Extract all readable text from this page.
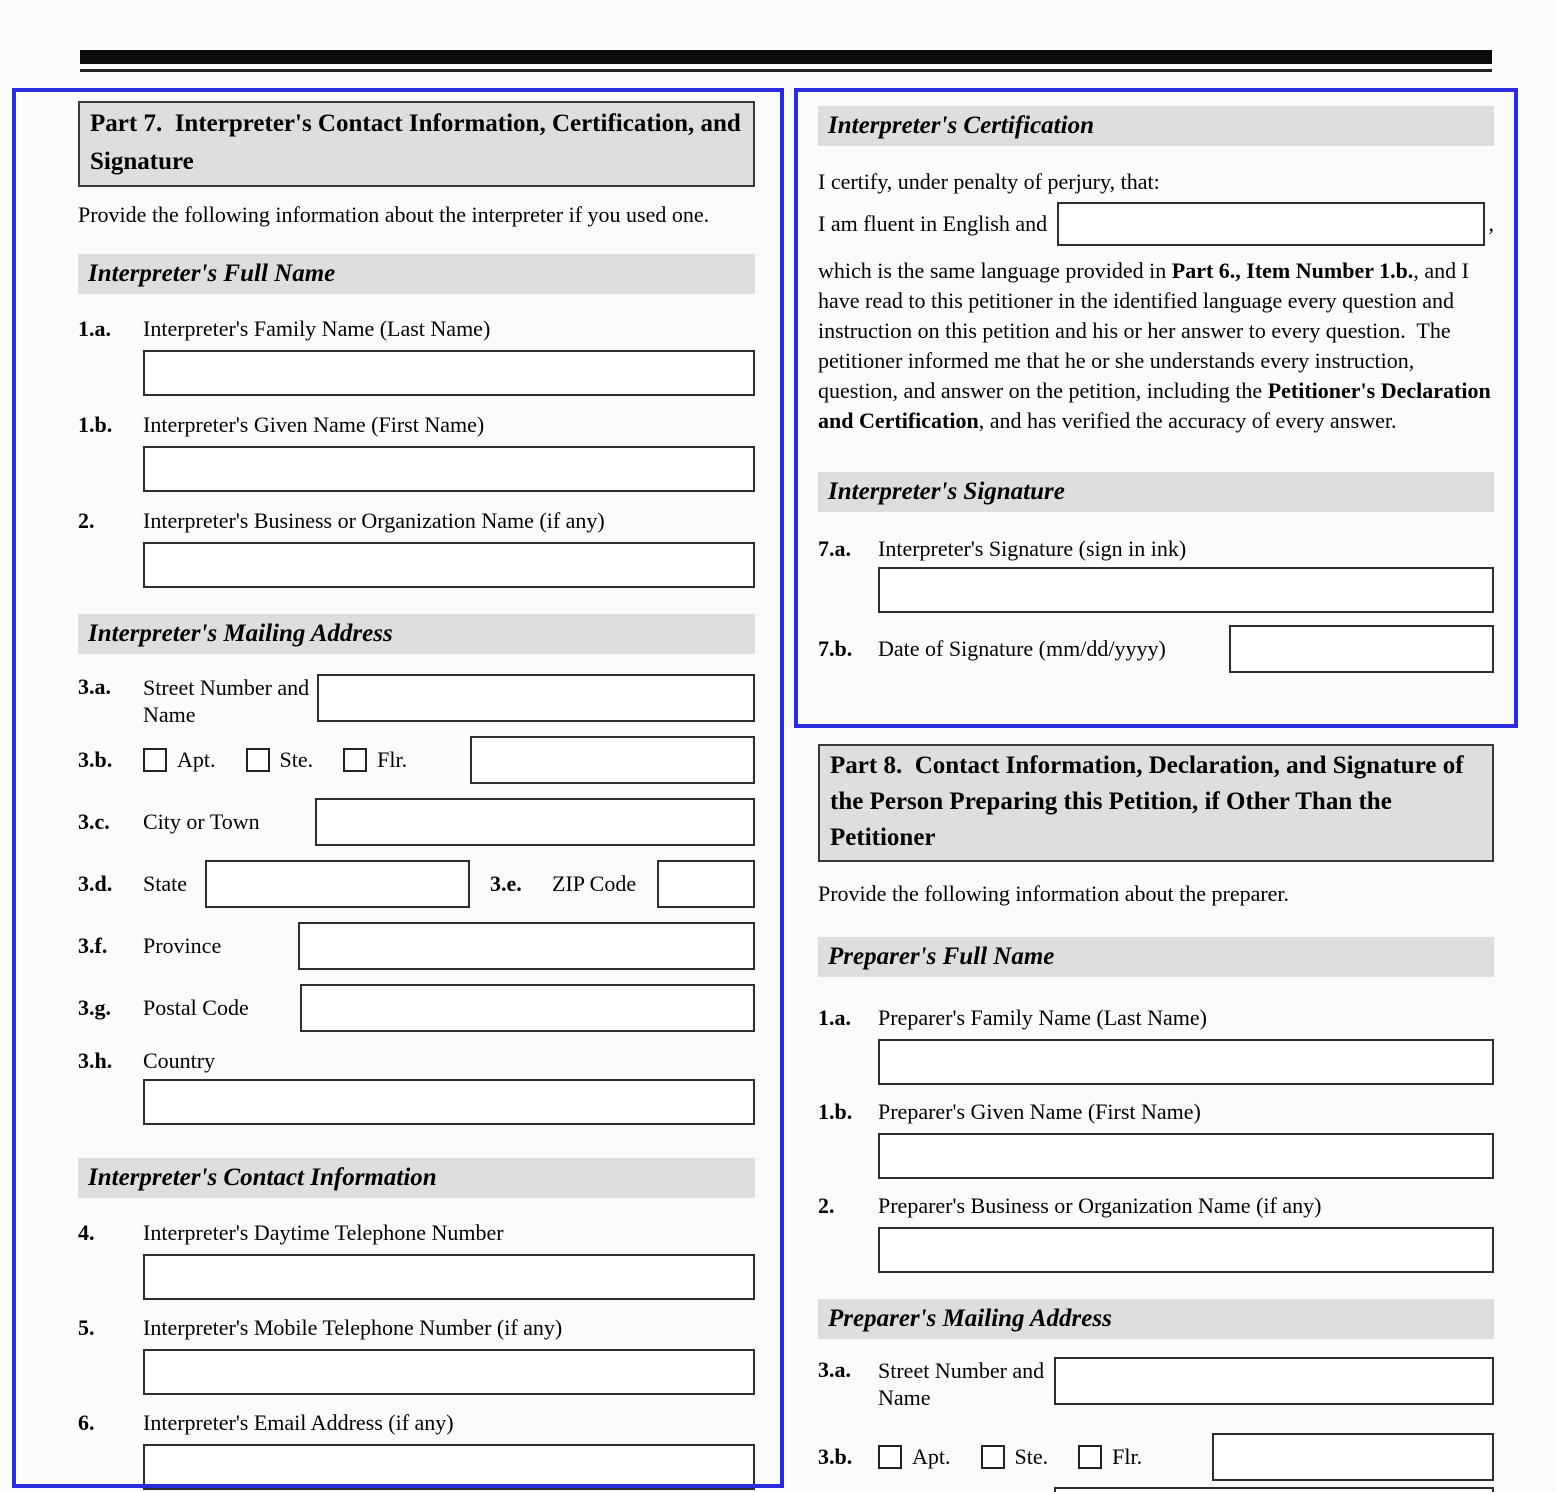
Part 7.  Interpreter's Contact Information, Certification, and Signature
Provide the following information about the interpreter if you used one.
Interpreter's Full Name
1.a.	Interpreter's Family Name (Last Name)
1.b.	Interpreter's Given Name (First Name)
2.	Interpreter's Business or Organization Name (if any)
Interpreter's Mailing Address
3.a.	Street Number and Name
3.b.	Apt.	Ste.	Flr.
3.c.	City or Town
3.d.	State	3.e.	ZIP Code
3.f.	Province
3.g.	Postal Code
3.h.	Country
Interpreter's Contact Information
4.	Interpreter's Daytime Telephone Number
5.	Interpreter's Mobile Telephone Number (if any)
6.	Interpreter's Email Address (if any)
Interpreter's Certification
I certify, under penalty of perjury, that:
I am fluent in English and	,
which is the same language provided in Part 6., Item Number 1.b., and I have read to this petitioner in the identified language every question and instruction on this petition and his or her answer to every question.  The petitioner informed me that he or she understands every instruction, question, and answer on the petition, including the Petitioner's Declaration and Certification, and has verified the accuracy of every answer.
Interpreter's Signature
7.a.	Interpreter's Signature (sign in ink)
7.b.	Date of Signature (mm/dd/yyyy)
Part 8.  Contact Information, Declaration, and Signature of the Person Preparing this Petition, if Other Than the Petitioner
Provide the following information about the preparer.
Preparer's Full Name
1.a.	Preparer's Family Name (Last Name)
1.b.	Preparer's Given Name (First Name)
2.	Preparer's Business or Organization Name (if any)
Preparer's Mailing Address
3.a.	Street Number and Name
3.b.	Apt.	Ste.	Flr.
